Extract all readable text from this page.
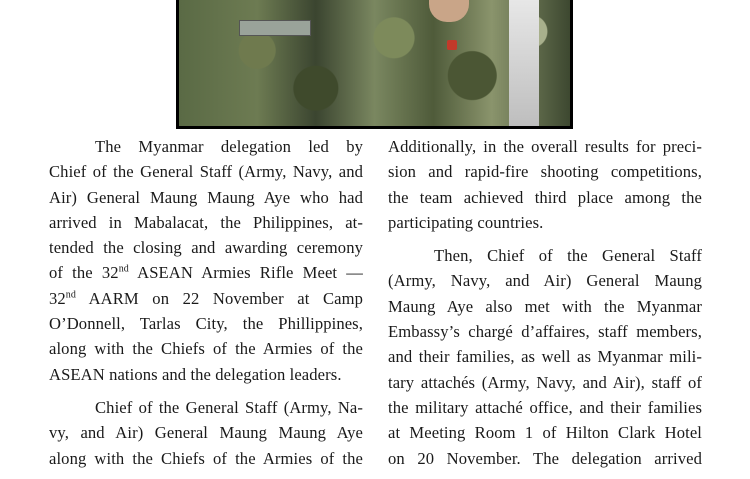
The Myanmar delegation led by
Chief of the General Staff (Army, Navy, and
Air) General Maung Maung Aye who had
arrived in Mabalacat, the Philippines, at-
tended the closing and awarding ceremony
of the 32nd ASEAN Armies Rifle Meet —
32nd AARM on 22 November at Camp
O’Donnell, Tarlas City, the Phillippines,
along with the Chiefs of the Armies of the
ASEAN nations and the delegation leaders.

Chief of the General Staff (Army, Na-
vy, and Air) General Maung Maung Aye
along with the Chiefs of the Armies of the

Additionally, in the overall results for preci-
sion and rapid-fire shooting competitions,
the team achieved third place among the
participating countries.

Then, Chief of the General Staff
(Army, Navy, and Air) General Maung
Maung Aye also met with the Myanmar
Embassy’s chargé d’affaires, staff members,
and their families, as well as Myanmar mili-
tary attachés (Army, Navy, and Air), staff of
the military attaché office, and their families
at Meeting Room 1 of Hilton Clark Hotel
on 20 November. The delegation arrived
